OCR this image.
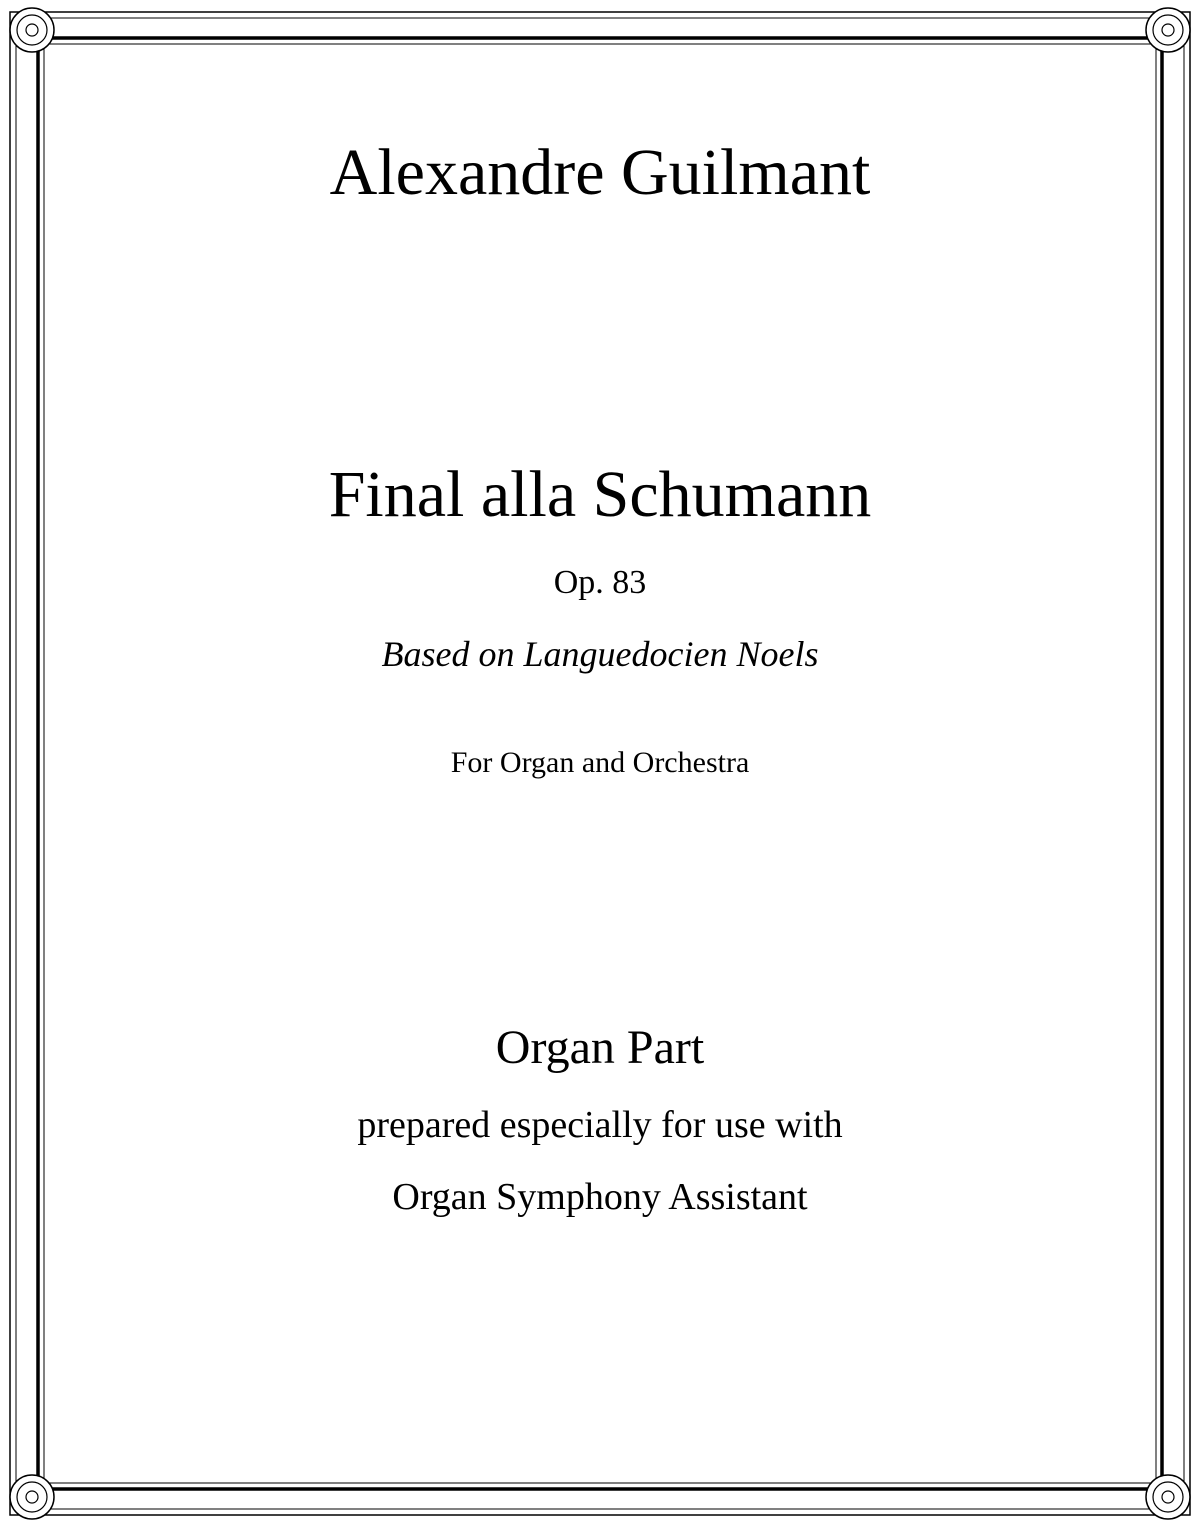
Alexandre Guilmant
Final alla Schumann
Op. 83
Based on Languedocien Noels
For Organ and Orchestra
Organ Part
prepared especially for use with
Organ Symphony Assistant
